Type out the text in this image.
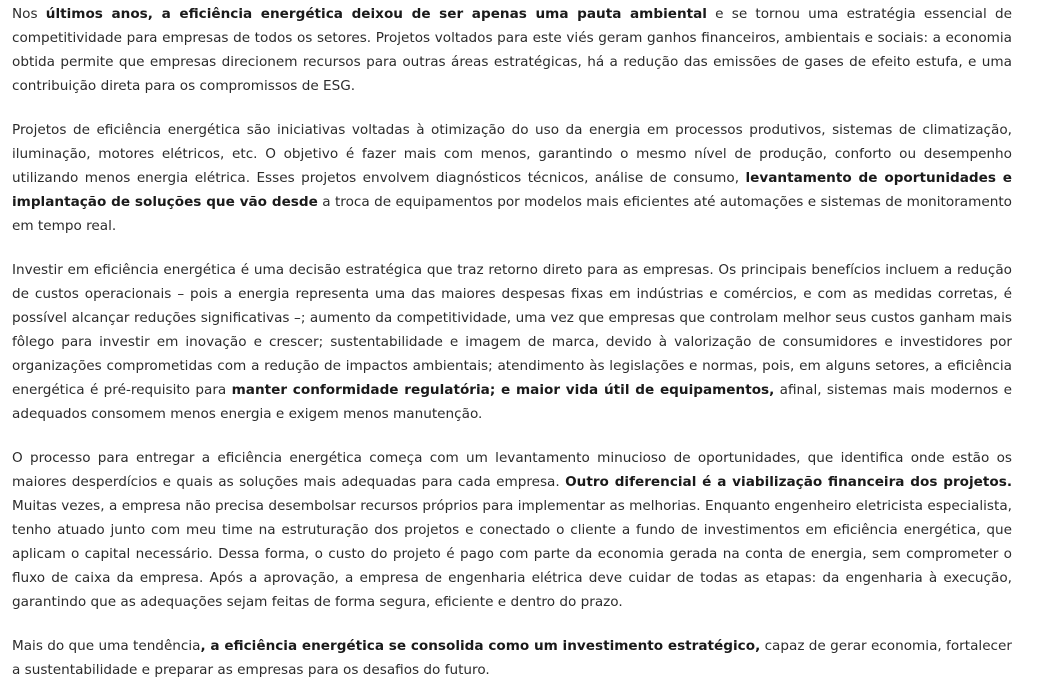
Nos últimos anos, a eficiência energética deixou de ser apenas uma pauta ambiental e se tornou uma estratégia essencial de competitividade para empresas de todos os setores. Projetos voltados para este viés geram ganhos financeiros, ambientais e sociais: a economia obtida permite que empresas direcionem recursos para outras áreas estratégicas, há a redução das emissões de gases de efeito estufa, e uma contribuição direta para os compromissos de ESG.

Projetos de eficiência energética são iniciativas voltadas à otimização do uso da energia em processos produtivos, sistemas de climatização, iluminação, motores elétricos, etc. O objetivo é fazer mais com menos, garantindo o mesmo nível de produção, conforto ou desempenho utilizando menos energia elétrica. Esses projetos envolvem diagnósticos técnicos, análise de consumo, levantamento de oportunidades e implantação de soluções que vão desde a troca de equipamentos por modelos mais eficientes até automações e sistemas de monitoramento em tempo real.

Investir em eficiência energética é uma decisão estratégica que traz retorno direto para as empresas. Os principais benefícios incluem a redução de custos operacionais – pois a energia representa uma das maiores despesas fixas em indústrias e comércios, e com as medidas corretas, é possível alcançar reduções significativas –; aumento da competitividade, uma vez que empresas que controlam melhor seus custos ganham mais fôlego para investir em inovação e crescer; sustentabilidade e imagem de marca, devido à valorização de consumidores e investidores por organizações comprometidas com a redução de impactos ambientais; atendimento às legislações e normas, pois, em alguns setores, a eficiência energética é pré-requisito para manter conformidade regulatória; e maior vida útil de equipamentos, afinal, sistemas mais modernos e adequados consomem menos energia e exigem menos manutenção.

O processo para entregar a eficiência energética começa com um levantamento minucioso de oportunidades, que identifica onde estão os maiores desperdícios e quais as soluções mais adequadas para cada empresa. Outro diferencial é a viabilização financeira dos projetos. Muitas vezes, a empresa não precisa desembolsar recursos próprios para implementar as melhorias. Enquanto engenheiro eletricista especialista, tenho atuado junto com meu time na estruturação dos projetos e conectado o cliente a fundo de investimentos em eficiência energética, que aplicam o capital necessário. Dessa forma, o custo do projeto é pago com parte da economia gerada na conta de energia, sem comprometer o fluxo de caixa da empresa. Após a aprovação, a empresa de engenharia elétrica deve cuidar de todas as etapas: da engenharia à execução, garantindo que as adequações sejam feitas de forma segura, eficiente e dentro do prazo.

Mais do que uma tendência, a eficiência energética se consolida como um investimento estratégico, capaz de gerar economia, fortalecer a sustentabilidade e preparar as empresas para os desafios do futuro.
